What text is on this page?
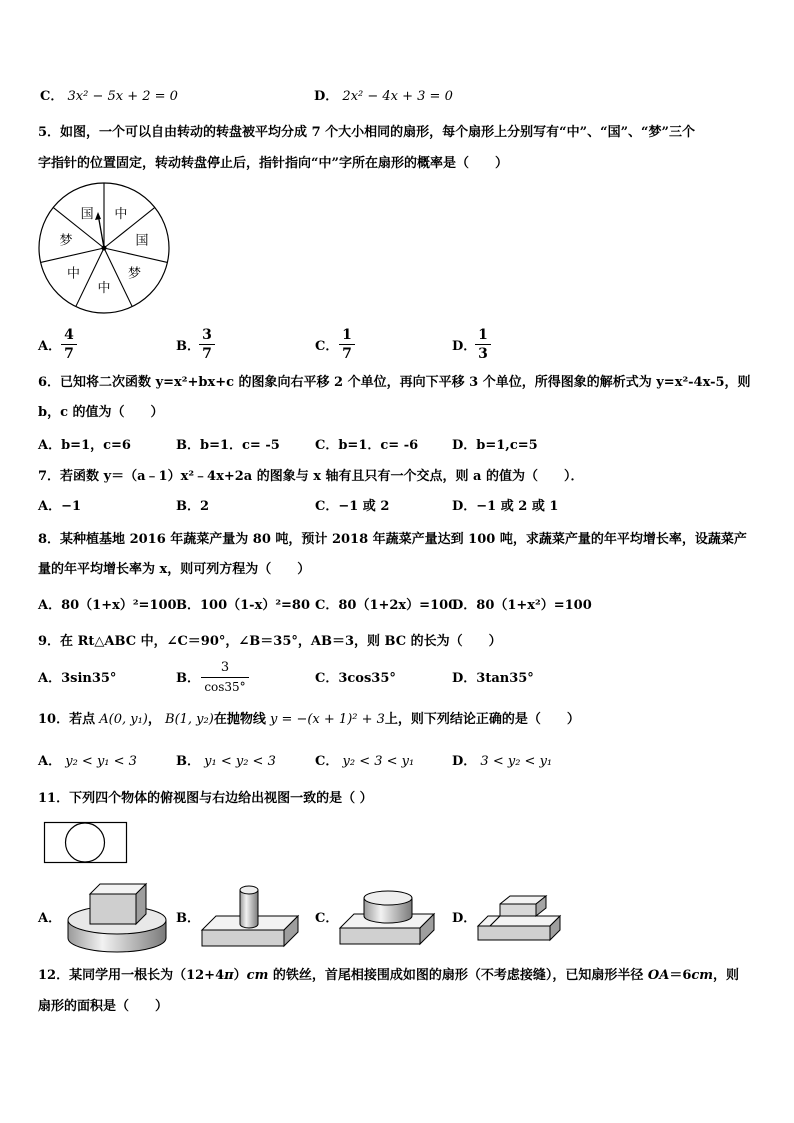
C． 3x² − 5x + 2 = 0	D． 2x² − 4x + 3 = 0
5．如图，一个可以自由转动的转盘被平均分成 7 个大小相同的扇形，每个扇形上分别写有“中”、“国”、“梦”三个
字指针的位置固定，转动转盘停止后，指针指向“中”字所在扇形的概率是（　　）
中
国
梦
中
中
梦
国
A．
4
7	B．
3
7	C．
1
7	D．
1
3
6．已知将二次函数 y=x²+bx+c 的图象向右平移 2 个单位，再向下平移 3 个单位，所得图象的解析式为 y=x²-4x-5，则
b，c 的值为（　　）
A．b=1，c=6	B．b=1．c= -5	C．b=1．c= -6	D．b=1,c=5
7．若函数 y＝（a﹣1）x²﹣4x+2a 的图象与 x 轴有且只有一个交点，则 a 的值为（　　）．
A．−1	B．2	C．−1 或 2	D．−1 或 2 或 1
8．某种植基地 2016 年蔬菜产量为 80 吨，预计 2018 年蔬菜产量达到 100 吨，求蔬菜产量的年平均增长率，设蔬菜产
量的年平均增长率为 x，则可列方程为（　　）
A．80（1+x）²=100 B．100（1-x）²=80 C．80（1+2x）=100
D．80（1+x²）=100
9．在 Rt△ABC 中，∠C＝90°，∠B＝35°，AB＝3，则 BC 的长为（　　）
A．3sin35°	B．
3
cos35°
C．3cos35°	D．3tan35°
10．若点 A(0, y₁)， B(1, y₂)在抛物线 y = −(x + 1)² + 3上，则下列结论正确的是（　　）
A． y₂ < y₁ < 3	B． y₁ < y₂ < 3	C． y₂ < 3 < y₁	D． 3 < y₂ < y₁
11．下列四个物体的俯视图与右边给出视图一致的是（ ）
A．	B．	C．	D．
12．某同学用一根长为（12+4π）cm 的铁丝，首尾相接围成如图的扇形（不考虑接缝），已知扇形半径 OA＝6cm，则
扇形的面积是（　　）
